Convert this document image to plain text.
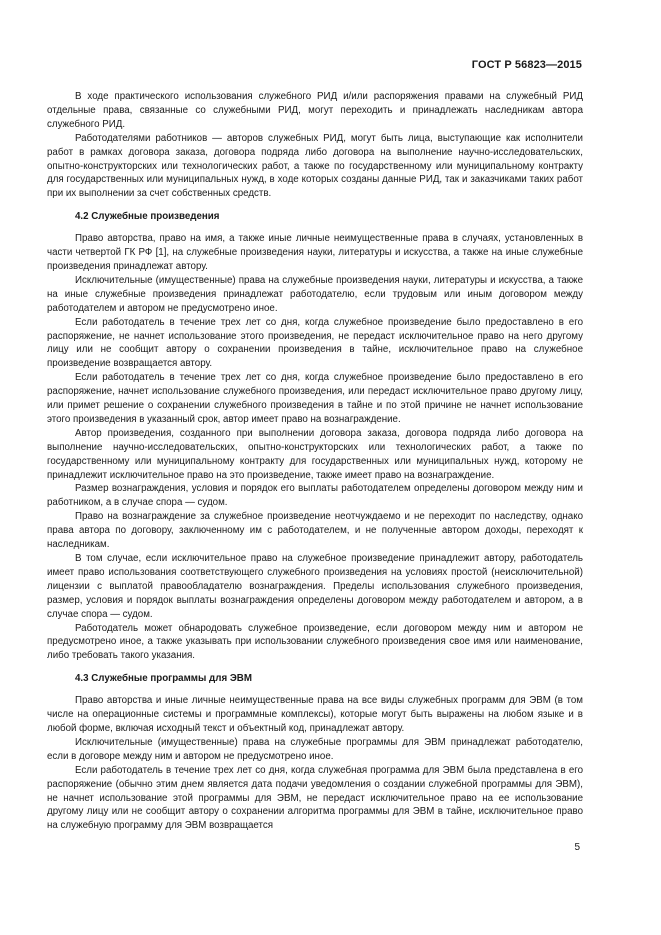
ГОСТ Р 56823—2015

В ходе практического использования служебного РИД и/или распоряжения правами на служебный РИД отдельные права, связанные со служебными РИД, могут переходить и принадлежать наследникам автора служебного РИД.

Работодателями работников — авторов служебных РИД, могут быть лица, выступающие как исполнители работ в рамках договора заказа, договора подряда либо договора на выполнение научно-исследовательских, опытно-конструкторских или технологических работ, а также по государственному или муниципальному контракту для государственных или муниципальных нужд, в ходе которых созданы данные РИД, так и заказчиками таких работ при их выполнении за счет собственных средств.

4.2 Служебные произведения

Право авторства, право на имя, а также иные личные неимущественные права в случаях, установленных в части четвертой ГК РФ [1], на служебные произведения науки, литературы и искусства, а также на иные служебные произведения принадлежат автору.

Исключительные (имущественные) права на служебные произведения науки, литературы и искусства, а также на иные служебные произведения принадлежат работодателю, если трудовым или иным договором между работодателем и автором не предусмотрено иное.

Если работодатель в течение трех лет со дня, когда служебное произведение было предоставлено в его распоряжение, не начнет использование этого произведения, не передаст исключительное право на него другому лицу или не сообщит автору о сохранении произведения в тайне, исключительное право на служебное произведение возвращается автору.

Если работодатель в течение трех лет со дня, когда служебное произведение было предоставлено в его распоряжение, начнет использование служебного произведения, или передаст исключительное право другому лицу, или примет решение о сохранении служебного произведения в тайне и по этой причине не начнет использование этого произведения в указанный срок, автор имеет право на вознаграждение.

Автор произведения, созданного при выполнении договора заказа, договора подряда либо договора на выполнение научно-исследовательских, опытно-конструкторских или технологических работ, а также по государственному или муниципальному контракту для государственных или муниципальных нужд, которому не принадлежит исключительное право на это произведение, также имеет право на вознаграждение.

Размер вознаграждения, условия и порядок его выплаты работодателем определены договором между ним и работником, а в случае спора — судом.

Право на вознаграждение за служебное произведение неотчуждаемо и не переходит по наследству, однако права автора по договору, заключенному им с работодателем, и не полученные автором доходы, переходят к наследникам.

В том случае, если исключительное право на служебное произведение принадлежит автору, работодатель имеет право использования соответствующего служебного произведения на условиях простой (неисключительной) лицензии с выплатой правообладателю вознаграждения. Пределы использования служебного произведения, размер, условия и порядок выплаты вознаграждения определены договором между работодателем и автором, а в случае спора — судом.

Работодатель может обнародовать служебное произведение, если договором между ним и автором не предусмотрено иное, а также указывать при использовании служебного произведения свое имя или наименование, либо требовать такого указания.

4.3 Служебные программы для ЭВМ

Право авторства и иные личные неимущественные права на все виды служебных программ для ЭВМ (в том числе на операционные системы и программные комплексы), которые могут быть выражены на любом языке и в любой форме, включая исходный текст и объектный код, принадлежат автору.

Исключительные (имущественные) права на служебные программы для ЭВМ принадлежат работодателю, если в договоре между ним и автором не предусмотрено иное.

Если работодатель в течение трех лет со дня, когда служебная программа для ЭВМ была представлена в его распоряжение (обычно этим днем является дата подачи уведомления о создании служебной программы для ЭВМ), не начнет использование этой программы для ЭВМ, не передаст исключительное право на ее использование другому лицу или не сообщит автору о сохранении алгоритма программы для ЭВМ в тайне, исключительное право на служебную программу для ЭВМ возвращается

5
